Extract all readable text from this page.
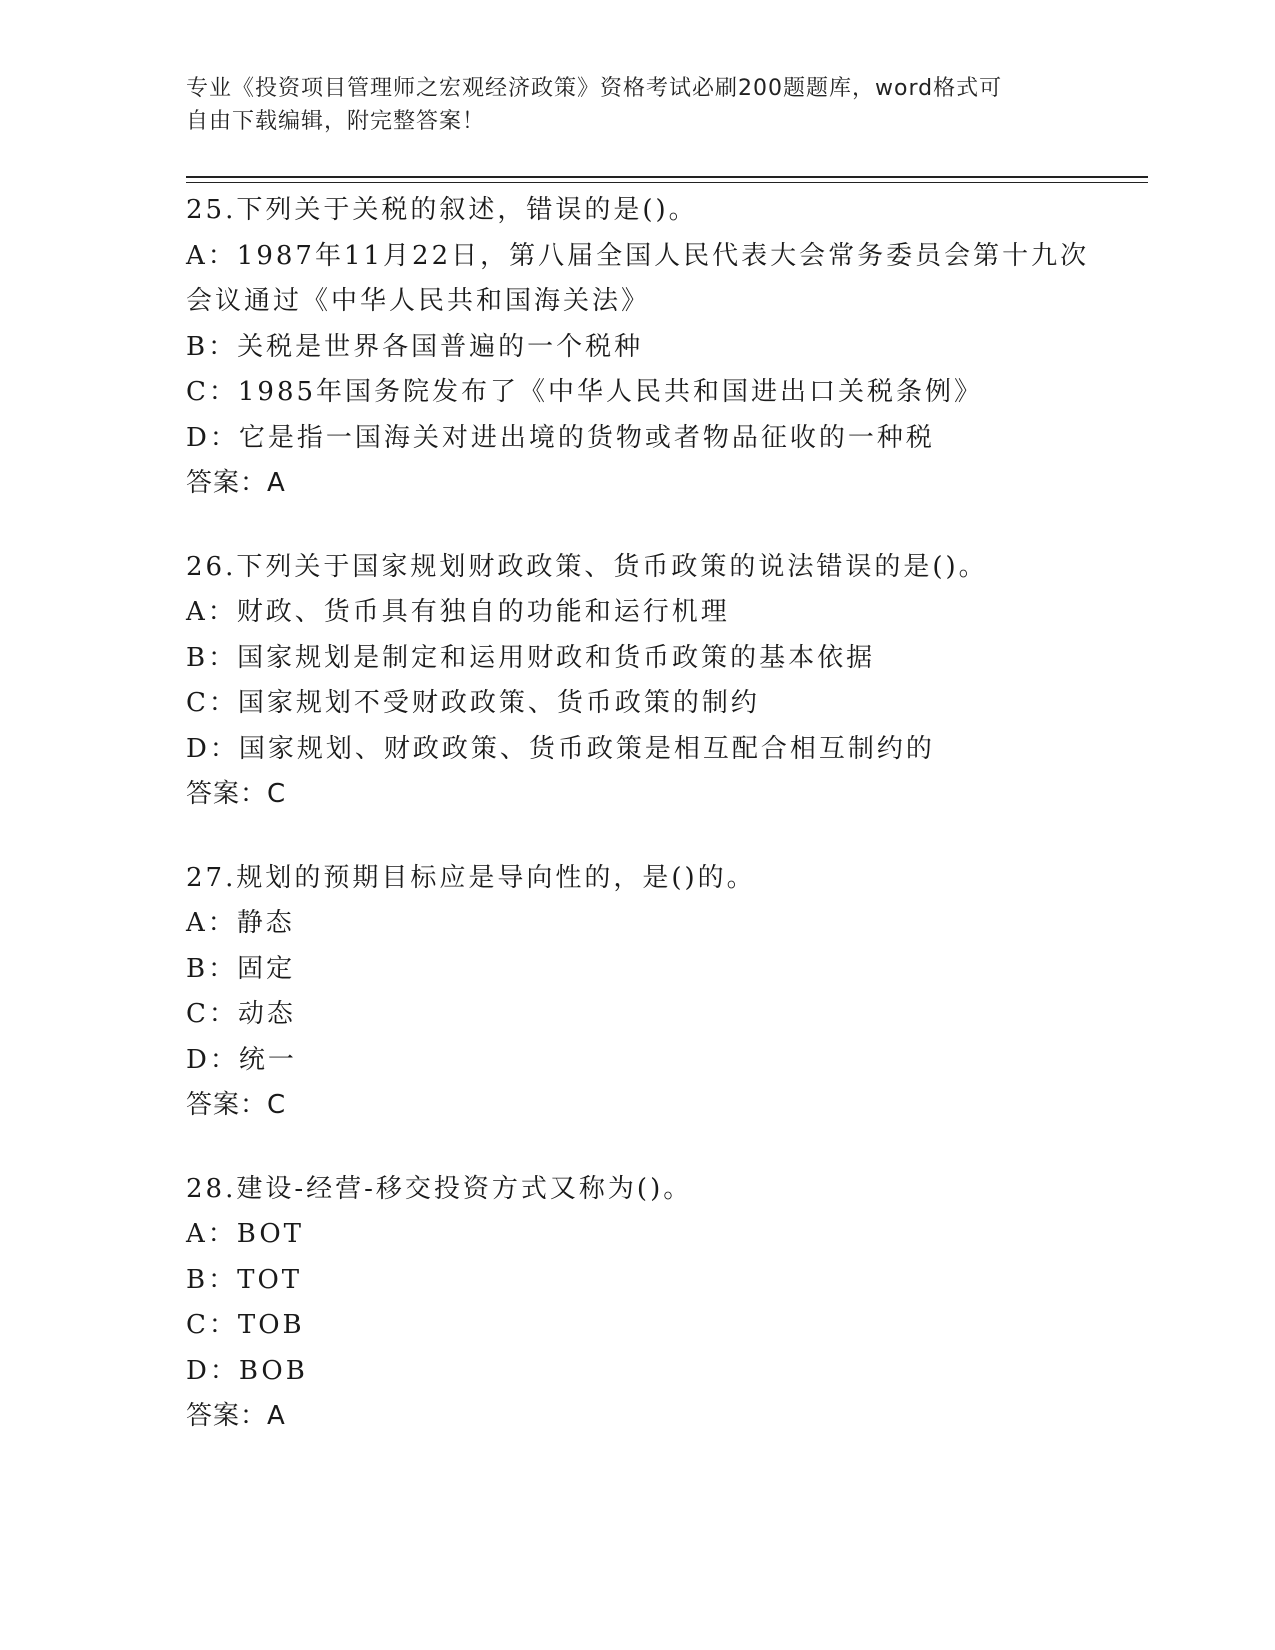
专业《投资项目管理师之宏观经济政策》资格考试必刷200题题库，word格式可
自由下载编辑，附完整答案！
25.下列关于关税的叙述，错误的是()。
A：1987年11月22日，第八届全国人民代表大会常务委员会第十九次
会议通过《中华人民共和国海关法》
B：关税是世界各国普遍的一个税种
C：1985年国务院发布了《中华人民共和国进出口关税条例》
D：它是指一国海关对进出境的货物或者物品征收的一种税
答案：A
26.下列关于国家规划财政政策、货币政策的说法错误的是()。
A：财政、货币具有独自的功能和运行机理
B：国家规划是制定和运用财政和货币政策的基本依据
C：国家规划不受财政政策、货币政策的制约
D：国家规划、财政政策、货币政策是相互配合相互制约的
答案：C
27.规划的预期目标应是导向性的，是()的。
A：静态
B：固定
C：动态
D：统一
答案：C
28.建设-经营-移交投资方式又称为()。
A：BOT
B：TOT
C：TOB
D：BOB
答案：A
